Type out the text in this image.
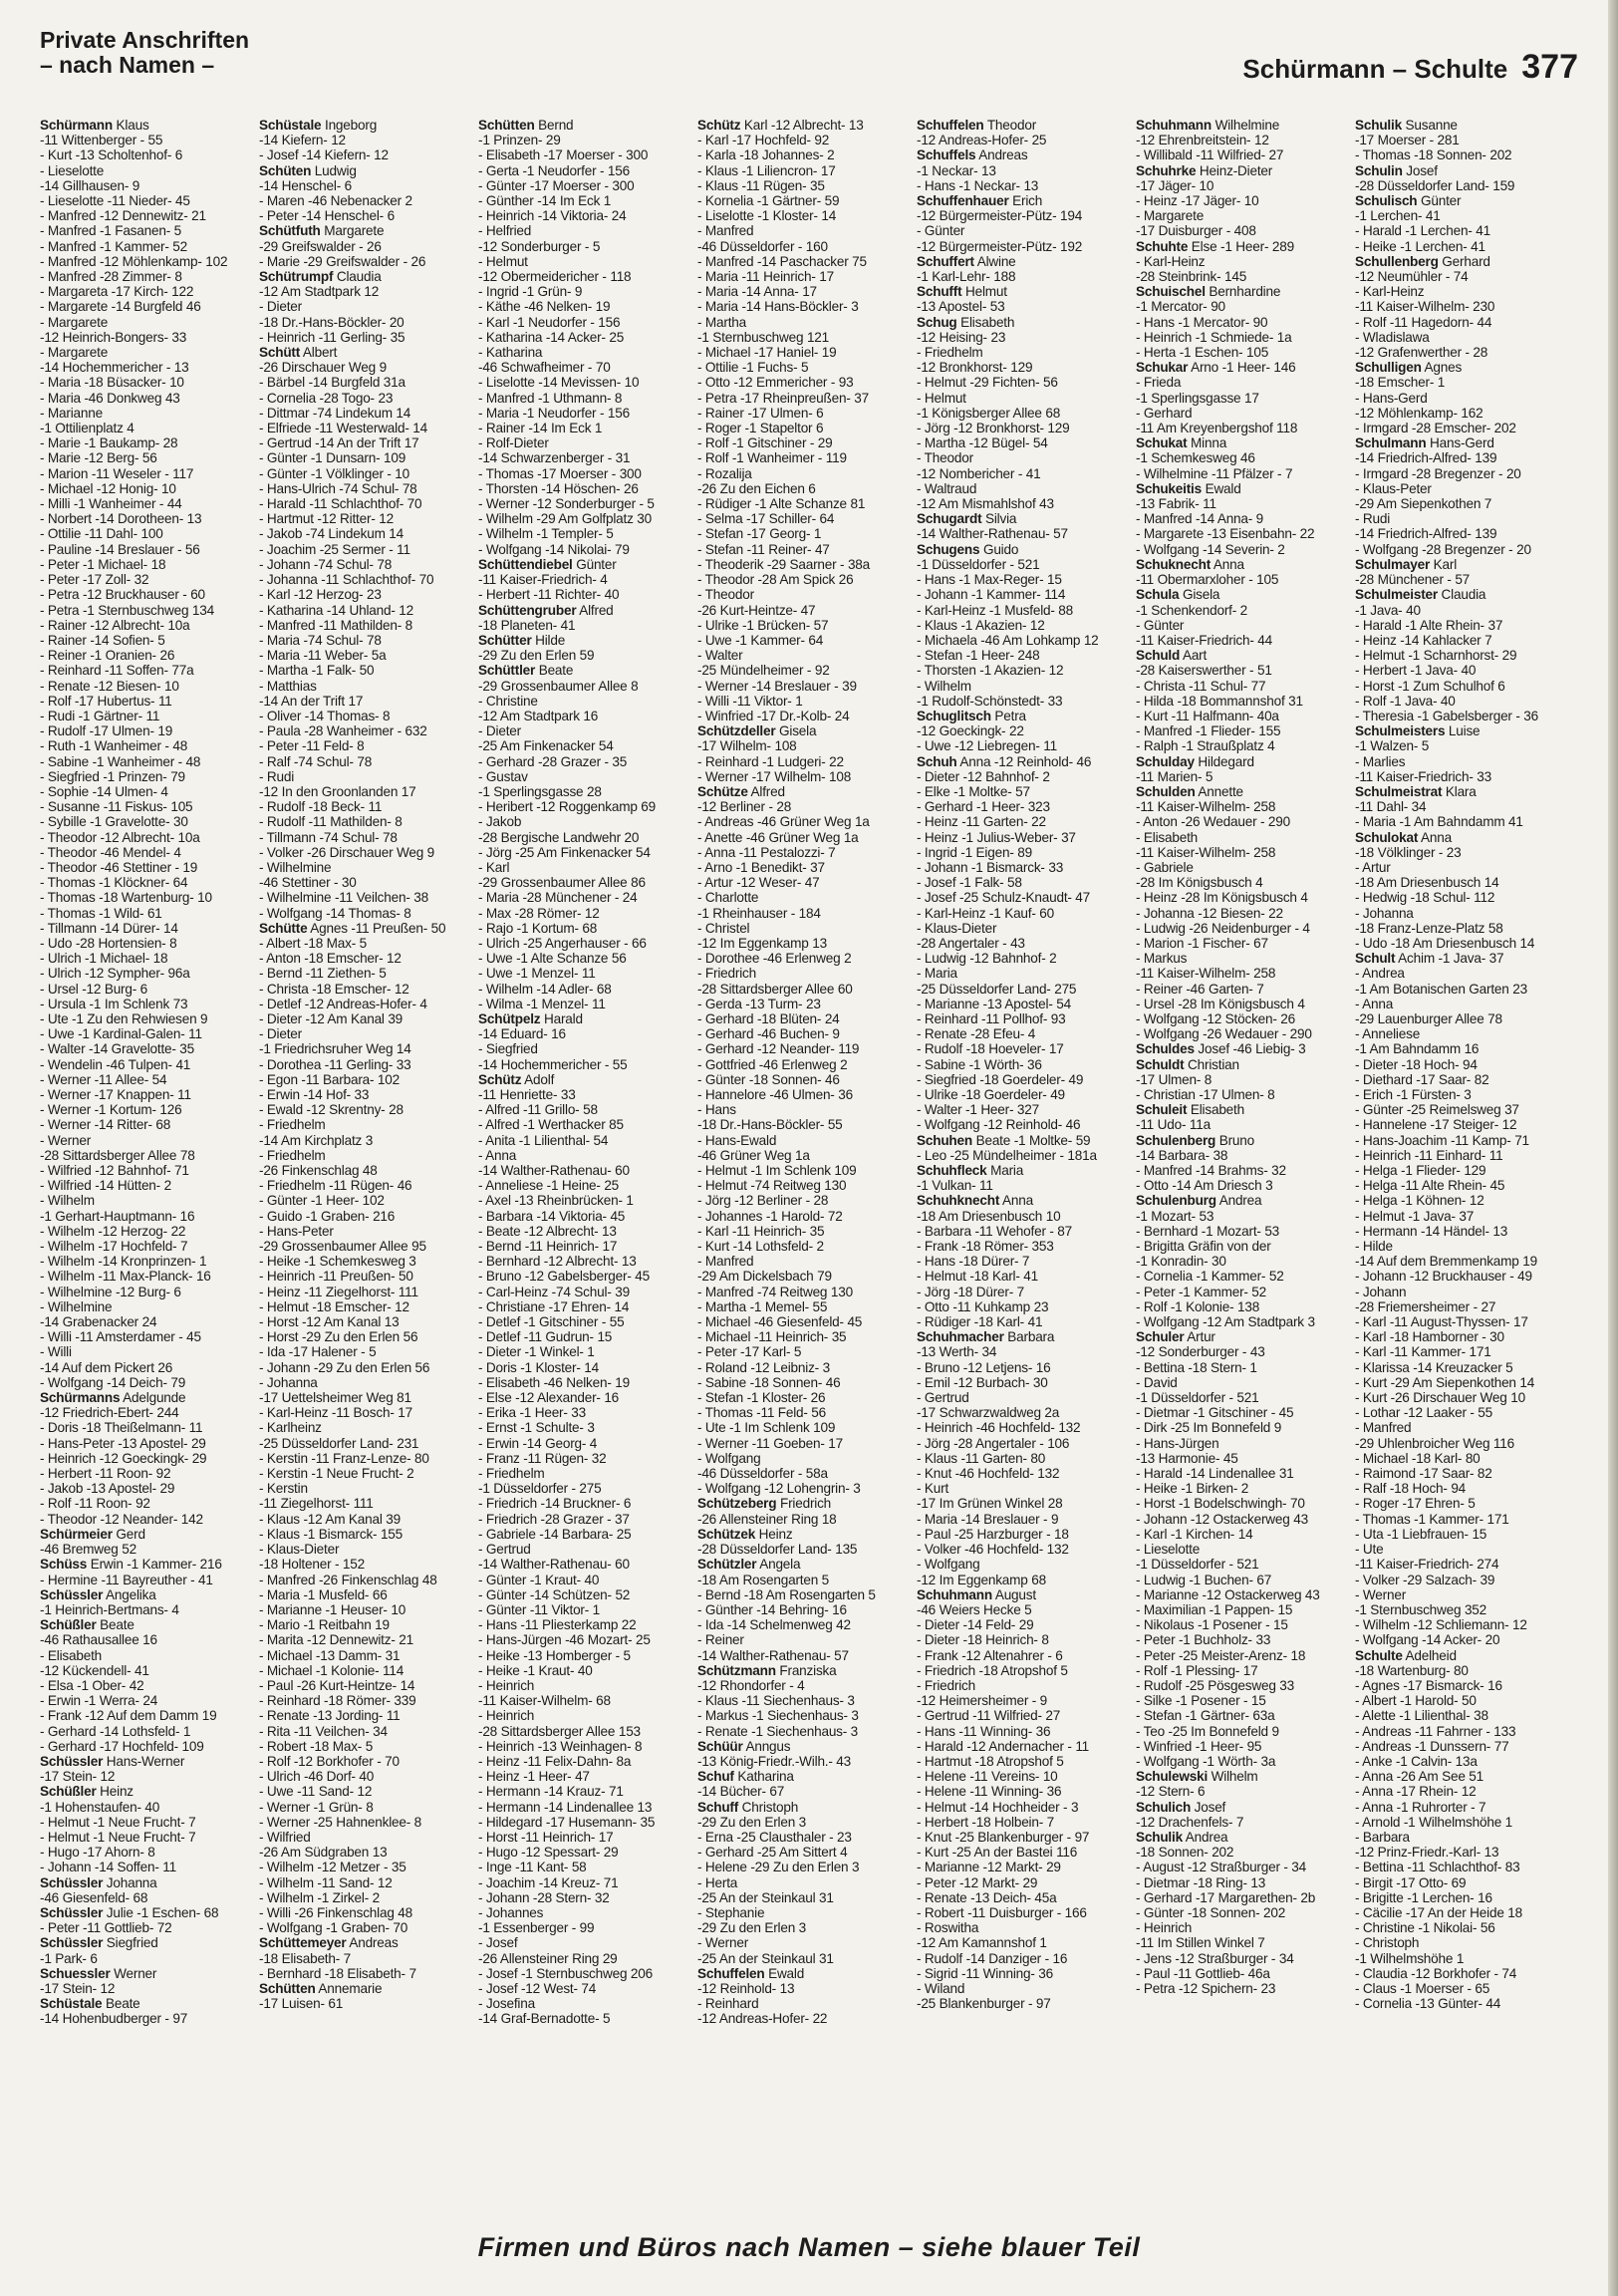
Private Anschriften
– nach Namen –	Schürmann – Schulte 377
Schürmann Klaus
-11 Wittenberger - 55
- Kurt -13 Scholtenhof- 6
- Lieselotte
-14 Gillhausen- 9
- Lieselotte -11 Nieder- 45
- Manfred -12 Dennewitz- 21
- Manfred -1 Fasanen- 5
- Manfred -1 Kammer- 52
- Manfred -12 Möhlenkamp- 102
- Manfred -28 Zimmer- 8
- Margareta -17 Kirch- 122
- Margarete -14 Burgfeld 46
- Margarete
-12 Heinrich-Bongers- 33
- Margarete
-14 Hochemmericher - 13
- Maria -18 Büsacker- 10
- Maria -46 Donkweg 43
- Marianne
-1 Ottilienplatz 4
- Marie -1 Baukamp- 28
- Marie -12 Berg- 56
- Marion -11 Weseler - 117
- Michael -12 Honig- 10
- Milli -1 Wanheimer - 44
- Norbert -14 Dorotheen- 13
- Ottilie -11 Dahl- 100
- Pauline -14 Breslauer - 56
- Peter -1 Michael- 18
- Peter -17 Zoll- 32
- Petra -12 Bruckhauser - 60
- Petra -1 Sternbuschweg 134
- Rainer -12 Albrecht- 10a
- Rainer -14 Sofien- 5
- Reiner -1 Oranien- 26
- Reinhard -11 Soffen- 77a
- Renate -12 Biesen- 10
- Rolf -17 Hubertus- 11
- Rudi -1 Gärtner- 11
- Rudolf -17 Ulmen- 19
- Ruth -1 Wanheimer - 48
- Sabine -1 Wanheimer - 48
- Siegfried -1 Prinzen- 79
- Sophie -14 Ulmen- 4
- Susanne -11 Fiskus- 105
- Sybille -1 Gravelotte- 30
- Theodor -12 Albrecht- 10a
- Theodor -46 Mendel- 4
- Theodor -46 Stettiner - 19
- Thomas -1 Klöckner- 64
- Thomas -18 Wartenburg- 10
- Thomas -1 Wild- 61
- Tillmann -14 Dürer- 14
- Udo -28 Hortensien- 8
- Ulrich -1 Michael- 18
- Ulrich -12 Sympher- 96a
- Ursel -12 Burg- 6
- Ursula -1 Im Schlenk 73
- Ute -1 Zu den Rehwiesen 9
- Uwe -1 Kardinal-Galen- 11
- Walter -14 Gravelotte- 35
- Wendelin -46 Tulpen- 41
- Werner -11 Allee- 54
- Werner -17 Knappen- 11
- Werner -1 Kortum- 126
- Werner -14 Ritter- 68
- Werner
-28 Sittardsberger Allee 78
- Wilfried -12 Bahnhof- 71
- Wilfried -14 Hütten- 2
- Wilhelm
-1 Gerhart-Hauptmann- 16
- Wilhelm -12 Herzog- 22
- Wilhelm -17 Hochfeld- 7
- Wilhelm -14 Kronprinzen- 1
- Wilhelm -11 Max-Planck- 16
- Wilhelmine -12 Burg- 6
- Wilhelmine
-14 Grabenacker 24
- Willi -11 Amsterdamer - 45
- Willi
-14 Auf dem Pickert 26
- Wolfgang -14 Deich- 79
Schürmanns Adelgunde
-12 Friedrich-Ebert- 244
- Doris -18 Theißelmann- 11
- Hans-Peter -13 Apostel- 29
- Heinrich -12 Goeckingk- 29
- Herbert -11 Roon- 92
- Jakob -13 Apostel- 29
- Rolf -11 Roon- 92
- Theodor -12 Neander- 142
Schürmeier Gerd
-46 Bremweg 52
Schüss Erwin -1 Kammer- 216
- Hermine -11 Bayreuther - 41
Schüssler Angelika
-1 Heinrich-Bertmans- 4
Schüßler Beate
-46 Rathausallee 16
- Elisabeth
-12 Kückendell- 41
- Elsa -1 Ober- 42
- Erwin -1 Werra- 24
- Frank -12 Auf dem Damm 19
- Gerhard -14 Lothsfeld- 1
- Gerhard -17 Hochfeld- 109
Schüssler Hans-Werner
-17 Stein- 12
Schüßler Heinz
-1 Hohenstaufen- 40
- Helmut -1 Neue Frucht- 7
- Helmut -1 Neue Frucht- 7
- Hugo -17 Ahorn- 8
- Johann -14 Soffen- 11
Schüssler Johanna
-46 Giesenfeld- 68
Schüssler Julie -1 Eschen- 68
- Peter -11 Gottlieb- 72
Schüssler Siegfried
-1 Park- 6
Schuessler Werner
-17 Stein- 12
Schüstale Beate
-14 Hohenbudberger - 97
Schüstale Ingeborg
-14 Kiefern- 12
- Josef -14 Kiefern- 12
Schüten Ludwig
-14 Henschel- 6
- Maren -46 Nebenacker 2
- Peter -14 Henschel- 6
Schütfuth Margarete
-29 Greifswalder - 26
- Marie -29 Greifswalder - 26
Schütrumpf Claudia
-12 Am Stadtpark 12
- Dieter
-18 Dr.-Hans-Böckler- 20
- Heinrich -11 Gerling- 35
Schütt Albert
-26 Dirschauer Weg 9
- Bärbel -14 Burgfeld 31a
- Cornelia -28 Togo- 23
- Dittmar -74 Lindekum 14
- Elfriede -11 Westerwald- 14
- Gertrud -14 An der Trift 17
- Günter -1 Dunsarn- 109
- Günter -1 Völklinger - 10
- Hans-Ulrich -74 Schul- 78
- Harald -11 Schlachthof- 70
- Hartmut -12 Ritter- 12
- Jakob -74 Lindekum 14
- Joachim -25 Sermer - 11
- Johann -74 Schul- 78
- Johanna -11 Schlachthof- 70
- Karl -12 Herzog- 23
- Katharina -14 Uhland- 12
- Manfred -11 Mathilden- 8
- Maria -74 Schul- 78
- Maria -11 Weber- 5a
- Martha -1 Falk- 50
- Matthias
-14 An der Trift 17
- Oliver -14 Thomas- 8
- Paula -28 Wanheimer - 632
- Peter -11 Feld- 8
- Ralf -74 Schul- 78
- Rudi
-12 In den Groonlanden 17
- Rudolf -18 Beck- 11
- Rudolf -11 Mathilden- 8
- Tillmann -74 Schul- 78
- Volker -26 Dirschauer Weg 9
- Wilhelmine
-46 Stettiner - 30
- Wilhelmine -11 Veilchen- 38
- Wolfgang -14 Thomas- 8
Schütte Agnes -11 Preußen- 50
- Albert -18 Max- 5
- Anton -18 Emscher- 12
- Bernd -11 Ziethen- 5
- Christa -18 Emscher- 12
- Detlef -12 Andreas-Hofer- 4
- Dieter -12 Am Kanal 39
- Dieter
-1 Friedrichsruher Weg 14
- Dorothea -11 Gerling- 33
- Egon -11 Barbara- 102
- Erwin -14 Hof- 33
- Ewald -12 Skrentny- 28
- Friedhelm
-14 Am Kirchplatz 3
- Friedhelm
-26 Finkenschlag 48
- Friedhelm -11 Rügen- 46
- Günter -1 Heer- 102
- Guido -1 Graben- 216
- Hans-Peter
-29 Grossenbaumer Allee 95
- Heike -1 Schemkesweg 3
- Heinrich -11 Preußen- 50
- Heinz -11 Ziegelhorst- 111
- Helmut -18 Emscher- 12
- Horst -12 Am Kanal 13
- Horst -29 Zu den Erlen 56
- Ida -17 Halener - 5
- Johann -29 Zu den Erlen 56
- Johanna
-17 Uettelsheimer Weg 81
- Karl-Heinz -11 Bosch- 17
- Karlheinz
-25 Düsseldorfer Land- 231
- Kerstin -11 Franz-Lenze- 80
- Kerstin -1 Neue Frucht- 2
- Kerstin
-11 Ziegelhorst- 111
- Klaus -12 Am Kanal 39
- Klaus -1 Bismarck- 155
- Klaus-Dieter
-18 Holtener - 152
- Manfred -26 Finkenschlag 48
- Maria -1 Musfeld- 66
- Marianne -1 Heuser- 10
- Mario -1 Reitbahn 19
- Marita -12 Dennewitz- 21
- Michael -13 Damm- 31
- Michael -1 Kolonie- 114
- Paul -26 Kurt-Heintze- 14
- Reinhard -18 Römer- 339
- Renate -13 Jording- 11
- Rita -11 Veilchen- 34
- Robert -18 Max- 5
- Rolf -12 Borkhofer - 70
- Ulrich -46 Dorf- 40
- Uwe -11 Sand- 12
- Werner -1 Grün- 8
- Werner -25 Hahnenklee- 8
- Wilfried
-26 Am Südgraben 13
- Wilhelm -12 Metzer - 35
- Wilhelm -11 Sand- 12
- Wilhelm -1 Zirkel- 2
- Willi -26 Finkenschlag 48
- Wolfgang -1 Graben- 70
Schüttemeyer Andreas
-18 Elisabeth- 7
- Bernhard -18 Elisabeth- 7
Schütten Annemarie
-17 Luisen- 61
Schütten Bernd
-1 Prinzen- 29
- Elisabeth -17 Moerser - 300
- Gerta -1 Neudorfer - 156
- Günter -17 Moerser - 300
- Günther -14 Im Eck 1
- Heinrich -14 Viktoria- 24
- Helfried
-12 Sonderburger - 5
- Helmut
-12 Obermeidericher - 118
- Ingrid -1 Grün- 9
- Käthe -46 Nelken- 19
- Karl -1 Neudorfer - 156
- Katharina -14 Acker- 25
- Katharina
-46 Schwafheimer - 70
- Liselotte -14 Mevissen- 10
- Manfred -1 Uthmann- 8
- Maria -1 Neudorfer - 156
- Rainer -14 Im Eck 1
- Rolf-Dieter
-14 Schwarzenberger - 31
- Thomas -17 Moerser - 300
- Thorsten -14 Höschen- 26
- Werner -12 Sonderburger - 5
- Wilhelm -29 Am Golfplatz 30
- Wilhelm -1 Templer- 5
- Wolfgang -14 Nikolai- 79
Schüttendiebel Günter
-11 Kaiser-Friedrich- 4
- Herbert -11 Richter- 40
Schüttengruber Alfred
-18 Planeten- 41
Schütter Hilde
-29 Zu den Erlen 59
Schüttler Beate
-29 Grossenbaumer Allee 8
- Christine
-12 Am Stadtpark 16
- Dieter
-25 Am Finkenacker 54
- Gerhard -28 Grazer - 35
- Gustav
-1 Sperlingsgasse 28
- Heribert -12 Roggenkamp 69
- Jakob
-28 Bergische Landwehr 20
- Jörg -25 Am Finkenacker 54
- Karl
-29 Grossenbaumer Allee 86
- Maria -28 Münchener - 24
- Max -28 Römer- 12
- Rajo -1 Kortum- 68
- Ulrich -25 Angerhauser - 66
- Uwe -1 Alte Schanze 56
- Uwe -1 Menzel- 11
- Wilhelm -14 Adler- 68
- Wilma -1 Menzel- 11
Schütpelz Harald
-14 Eduard- 16
- Siegfried
-14 Hochemmericher - 55
Schütz Adolf
-11 Henriette- 33
- Alfred -11 Grillo- 58
- Alfred -1 Werthacker 85
- Anita -1 Lilienthal- 54
- Anna
-14 Walther-Rathenau- 60
- Anneliese -1 Heine- 25
- Axel -13 Rheinbrücken- 1
- Barbara -14 Viktoria- 45
- Beate -12 Albrecht- 13
- Bernd -11 Heinrich- 17
- Bernhard -12 Albrecht- 13
- Bruno -12 Gabelsberger- 45
- Carl-Heinz -74 Schul- 39
- Christiane -17 Ehren- 14
- Detlef -1 Gitschiner - 55
- Detlef -11 Gudrun- 15
- Dieter -1 Winkel- 1
- Doris -1 Kloster- 14
- Elisabeth -46 Nelken- 19
- Else -12 Alexander- 16
- Erika -1 Heer- 33
- Ernst -1 Schulte- 3
- Erwin -14 Georg- 4
- Franz -11 Rügen- 32
- Friedhelm
-1 Düsseldorfer - 275
- Friedrich -14 Bruckner- 6
- Friedrich -28 Grazer - 37
- Gabriele -14 Barbara- 25
- Gertrud
-14 Walther-Rathenau- 60
- Günter -1 Kraut- 40
- Günter -14 Schützen- 52
- Günter -11 Viktor- 1
- Hans -11 Pliesterkamp 22
- Hans-Jürgen -46 Mozart- 25
- Heike -13 Homberger - 5
- Heike -1 Kraut- 40
- Heinrich
-11 Kaiser-Wilhelm- 68
- Heinrich
-28 Sittardsberger Allee 153
- Heinrich -13 Weinhagen- 8
- Heinz -11 Felix-Dahn- 8a
- Heinz -1 Heer- 47
- Hermann -14 Krauz- 71
- Hermann -14 Lindenallee 13
- Hildegard -17 Husemann- 35
- Horst -11 Heinrich- 17
- Hugo -12 Spessart- 29
- Inge -11 Kant- 58
- Joachim -14 Kreuz- 71
- Johann -28 Stern- 32
- Johannes
-1 Essenberger - 99
- Josef
-26 Allensteiner Ring 29
- Josef -1 Sternbuschweg 206
- Josef -12 West- 74
- Josefina
-14 Graf-Bernadotte- 5
Schütz Karl -12 Albrecht- 13
- Karl -17 Hochfeld- 92
- Karla -18 Johannes- 2
- Klaus -1 Liliencron- 17
- Klaus -11 Rügen- 35
- Kornelia -1 Gärtner- 59
- Liselotte -1 Kloster- 14
- Manfred
-46 Düsseldorfer - 160
- Manfred -14 Paschacker 75
- Maria -11 Heinrich- 17
- Maria -14 Anna- 17
- Maria -14 Hans-Böckler- 3
- Martha
-1 Sternbuschweg 121
- Michael -17 Haniel- 19
- Ottilie -1 Fuchs- 5
- Otto -12 Emmericher - 93
- Petra -17 Rheinpreußen- 37
- Rainer -17 Ulmen- 6
- Roger -1 Stapeltor 6
- Rolf -1 Gitschiner - 29
- Rolf -1 Wanheimer - 119
- Rozalija
-26 Zu den Eichen 6
- Rüdiger -1 Alte Schanze 81
- Selma -17 Schiller- 64
- Stefan -17 Georg- 1
- Stefan -11 Reiner- 47
- Theoderik -29 Saarner - 38a
- Theodor -28 Am Spick 26
- Theodor
-26 Kurt-Heintze- 47
- Ulrike -1 Brücken- 57
- Uwe -1 Kammer- 64
- Walter
-25 Mündelheimer - 92
- Werner -14 Breslauer - 39
- Willi -11 Viktor- 1
- Winfried -17 Dr.-Kolb- 24
Schützdeller Gisela
-17 Wilhelm- 108
- Reinhard -1 Ludgeri- 22
- Werner -17 Wilhelm- 108
Schütze Alfred
-12 Berliner - 28
- Andreas -46 Grüner Weg 1a
- Anette -46 Grüner Weg 1a
- Anna -11 Pestalozzi- 7
- Arno -1 Benedikt- 37
- Artur -12 Weser- 47
- Charlotte
-1 Rheinhauser - 184
- Christel
-12 Im Eggenkamp 13
- Dorothee -46 Erlenweg 2
- Friedrich
-28 Sittardsberger Allee 60
- Gerda -13 Turm- 23
- Gerhard -18 Blüten- 24
- Gerhard -46 Buchen- 9
- Gerhard -12 Neander- 119
- Gottfried -46 Erlenweg 2
- Günter -18 Sonnen- 46
- Hannelore -46 Ulmen- 36
- Hans
-18 Dr.-Hans-Böckler- 55
- Hans-Ewald
-46 Grüner Weg 1a
- Helmut -1 Im Schlenk 109
- Helmut -74 Reitweg 130
- Jörg -12 Berliner - 28
- Johannes -1 Harold- 72
- Karl -11 Heinrich- 35
- Kurt -14 Lothsfeld- 2
- Manfred
-29 Am Dickelsbach 79
- Manfred -74 Reitweg 130
- Martha -1 Memel- 55
- Michael -46 Giesenfeld- 45
- Michael -11 Heinrich- 35
- Peter -17 Karl- 5
- Roland -12 Leibniz- 3
- Sabine -18 Sonnen- 46
- Stefan -1 Kloster- 26
- Thomas -11 Feld- 56
- Ute -1 Im Schlenk 109
- Werner -11 Goeben- 17
- Wolfgang
-46 Düsseldorfer - 58a
- Wolfgang -12 Lohengrin- 3
Schützeberg Friedrich
-26 Allensteiner Ring 18
Schützek Heinz
-28 Düsseldorfer Land- 135
Schützler Angela
-18 Am Rosengarten 5
- Bernd -18 Am Rosengarten 5
- Günther -14 Behring- 16
- Ida -14 Schelmenweg 42
- Reiner
-14 Walther-Rathenau- 57
Schützmann Franziska
-12 Rhondorfer - 4
- Klaus -11 Siechenhaus- 3
- Markus -1 Siechenhaus- 3
- Renate -1 Siechenhaus- 3
Schüür Anngus
-13 König-Friedr.-Wilh.- 43
Schuf Katharina
-14 Bücher- 67
Schuff Christoph
-29 Zu den Erlen 3
- Erna -25 Clausthaler - 23
- Gerhard -25 Am Sittert 4
- Helene -29 Zu den Erlen 3
- Herta
-25 An der Steinkaul 31
- Stephanie
-29 Zu den Erlen 3
- Werner
-25 An der Steinkaul 31
Schuffelen Ewald
-12 Reinhold- 13
- Reinhard
-12 Andreas-Hofer- 22
Schuffelen Theodor
-12 Andreas-Hofer- 25
Schuffels Andreas
-1 Neckar- 13
- Hans -1 Neckar- 13
Schuffenhauer Erich
-12 Bürgermeister-Pütz- 194
- Günter
-12 Bürgermeister-Pütz- 192
Schuffert Alwine
-1 Karl-Lehr- 188
Schufft Helmut
-13 Apostel- 53
Schug Elisabeth
-12 Heising- 23
- Friedhelm
-12 Bronkhorst- 129
- Helmut -29 Fichten- 56
- Helmut
-1 Königsberger Allee 68
- Jörg -12 Bronkhorst- 129
- Martha -12 Bügel- 54
- Theodor
-12 Nombericher - 41
- Waltraud
-12 Am Mismahlshof 43
Schugardt Silvia
-14 Walther-Rathenau- 57
Schugens Guido
-1 Düsseldorfer - 521
- Hans -1 Max-Reger- 15
- Johann -1 Kammer- 114
- Karl-Heinz -1 Musfeld- 88
- Klaus -1 Akazien- 12
- Michaela -46 Am Lohkamp 12
- Stefan -1 Heer- 248
- Thorsten -1 Akazien- 12
- Wilhelm
-1 Rudolf-Schönstedt- 33
Schuglitsch Petra
-12 Goeckingk- 22
- Uwe -12 Liebregen- 11
Schuh Anna -12 Reinhold- 46
- Dieter -12 Bahnhof- 2
- Elke -1 Moltke- 57
- Gerhard -1 Heer- 323
- Heinz -11 Garten- 22
- Heinz -1 Julius-Weber- 37
- Ingrid -1 Eigen- 89
- Johann -1 Bismarck- 33
- Josef -1 Falk- 58
- Josef -25 Schulz-Knaudt- 47
- Karl-Heinz -1 Kauf- 60
- Klaus-Dieter
-28 Angertaler - 43
- Ludwig -12 Bahnhof- 2
- Maria
-25 Düsseldorfer Land- 275
- Marianne -13 Apostel- 54
- Reinhard -11 Pollhof- 93
- Renate -28 Efeu- 4
- Rudolf -18 Hoeveler- 17
- Sabine -1 Wörth- 36
- Siegfried -18 Goerdeler- 49
- Ulrike -18 Goerdeler- 49
- Walter -1 Heer- 327
- Wolfgang -12 Reinhold- 46
Schuhen Beate -1 Moltke- 59
- Leo -25 Mündelheimer - 181a
Schuhfleck Maria
-1 Vulkan- 11
Schuhknecht Anna
-18 Am Driesenbusch 10
- Barbara -11 Wehofer - 87
- Frank -18 Römer- 353
- Hans -18 Dürer- 7
- Helmut -18 Karl- 41
- Jörg -18 Dürer- 7
- Otto -11 Kuhkamp 23
- Rüdiger -18 Karl- 41
Schuhmacher Barbara
-13 Werth- 34
- Bruno -12 Letjens- 16
- Emil -12 Burbach- 30
- Gertrud
-17 Schwarzwaldweg 2a
- Heinrich -46 Hochfeld- 132
- Jörg -28 Angertaler - 106
- Klaus -11 Garten- 80
- Knut -46 Hochfeld- 132
- Kurt
-17 Im Grünen Winkel 28
- Maria -14 Breslauer - 9
- Paul -25 Harzburger - 18
- Volker -46 Hochfeld- 132
- Wolfgang
-12 Im Eggenkamp 68
Schuhmann August
-46 Weiers Hecke 5
- Dieter -14 Feld- 29
- Dieter -18 Heinrich- 8
- Frank -12 Altenahrer - 6
- Friedrich -18 Atropshof 5
- Friedrich
-12 Heimersheimer - 9
- Gertrud -11 Wilfried- 27
- Hans -11 Winning- 36
- Harald -12 Andernacher - 11
- Hartmut -18 Atropshof 5
- Helene -11 Vereins- 10
- Helene -11 Winning- 36
- Helmut -14 Hochheider - 3
- Herbert -18 Holbein- 7
- Knut -25 Blankenburger - 97
- Kurt -25 An der Bastei 116
- Marianne -12 Markt- 29
- Peter -12 Markt- 29
- Renate -13 Deich- 45a
- Robert -11 Duisburger - 166
- Roswitha
-12 Am Kamannshof 1
- Rudolf -14 Danziger - 16
- Sigrid -11 Winning- 36
- Wiland
-25 Blankenburger - 97
Schuhmann Wilhelmine
-12 Ehrenbreitstein- 12
- Willibald -11 Wilfried- 27
Schuhrke Heinz-Dieter
-17 Jäger- 10
- Heinz -17 Jäger- 10
- Margarete
-17 Duisburger - 408
Schuhte Else -1 Heer- 289
- Karl-Heinz
-28 Steinbrink- 145
Schuischel Bernhardine
-1 Mercator- 90
- Hans -1 Mercator- 90
- Heinrich -1 Schmiede- 1a
- Herta -1 Eschen- 105
Schukar Arno -1 Heer- 146
- Frieda
-1 Sperlingsgasse 17
- Gerhard
-11 Am Kreyenbergshof 118
Schukat Minna
-1 Schemkesweg 46
- Wilhelmine -11 Pfälzer - 7
Schukeitis Ewald
-13 Fabrik- 11
- Manfred -14 Anna- 9
- Margarete -13 Eisenbahn- 22
- Wolfgang -14 Severin- 2
Schuknecht Anna
-11 Obermarxloher - 105
Schula Gisela
-1 Schenkendorf- 2
- Günter
-11 Kaiser-Friedrich- 44
Schuld Aart
-28 Kaiserswerther - 51
- Christa -11 Schul- 77
- Hilda -18 Bommannshof 31
- Kurt -11 Halfmann- 40a
- Manfred -1 Flieder- 155
- Ralph -1 Straußplatz 4
Schulday Hildegard
-11 Marien- 5
Schulden Annette
-11 Kaiser-Wilhelm- 258
- Anton -26 Wedauer - 290
- Elisabeth
-11 Kaiser-Wilhelm- 258
- Gabriele
-28 Im Königsbusch 4
- Heinz -28 Im Königsbusch 4
- Johanna -12 Biesen- 22
- Ludwig -26 Neidenburger - 4
- Marion -1 Fischer- 67
- Markus
-11 Kaiser-Wilhelm- 258
- Reiner -46 Garten- 7
- Ursel -28 Im Königsbusch 4
- Wolfgang -12 Stöcken- 26
- Wolfgang -26 Wedauer - 290
Schuldes Josef -46 Liebig- 3
Schuldt Christian
-17 Ulmen- 8
- Christian -17 Ulmen- 8
Schuleit Elisabeth
-11 Udo- 11a
Schulenberg Bruno
-14 Barbara- 38
- Manfred -14 Brahms- 32
- Otto -14 Am Driesch 3
Schulenburg Andrea
-1 Mozart- 53
- Bernhard -1 Mozart- 53
- Brigitta Gräfin von der
-1 Konradin- 30
- Cornelia -1 Kammer- 52
- Peter -1 Kammer- 52
- Rolf -1 Kolonie- 138
- Wolfgang -12 Am Stadtpark 3
Schuler Artur
-12 Sonderburger - 43
- Bettina -18 Stern- 1
- David
-1 Düsseldorfer - 521
- Dietmar -1 Gitschiner - 45
- Dirk -25 Im Bonnefeld 9
- Hans-Jürgen
-13 Harmonie- 45
- Harald -14 Lindenallee 31
- Heike -1 Birken- 2
- Horst -1 Bodelschwingh- 70
- Johann -12 Ostackerweg 43
- Karl -1 Kirchen- 14
- Lieselotte
-1 Düsseldorfer - 521
- Ludwig -1 Buchen- 67
- Marianne -12 Ostackerweg 43
- Maximilian -1 Pappen- 15
- Nikolaus -1 Posener - 15
- Peter -1 Buchholz- 33
- Peter -25 Meister-Arenz- 18
- Rolf -1 Plessing- 17
- Rudolf -25 Pösgesweg 33
- Silke -1 Posener - 15
- Stefan -1 Gärtner- 63a
- Teo -25 Im Bonnefeld 9
- Winfried -1 Heer- 95
- Wolfgang -1 Wörth- 3a
Schulewski Wilhelm
-12 Stern- 6
Schulich Josef
-12 Drachenfels- 7
Schulik Andrea
-18 Sonnen- 202
- August -12 Straßburger - 34
- Dietmar -18 Ring- 13
- Gerhard -17 Margarethen- 2b
- Günter -18 Sonnen- 202
- Heinrich
-11 Im Stillen Winkel 7
- Jens -12 Straßburger - 34
- Paul -11 Gottlieb- 46a
- Petra -12 Spichern- 23
Schulik Susanne
-17 Moerser - 281
- Thomas -18 Sonnen- 202
Schulin Josef
-28 Düsseldorfer Land- 159
Schulisch Günter
-1 Lerchen- 41
- Harald -1 Lerchen- 41
- Heike -1 Lerchen- 41
Schullenberg Gerhard
-12 Neumühler - 74
- Karl-Heinz
-11 Kaiser-Wilhelm- 230
- Rolf -11 Hagedorn- 44
- Wladislawa
-12 Grafenwerther - 28
Schulligen Agnes
-18 Emscher- 1
- Hans-Gerd
-12 Möhlenkamp- 162
- Irmgard -28 Emscher- 202
Schulmann Hans-Gerd
-14 Friedrich-Alfred- 139
- Irmgard -28 Bregenzer - 20
- Klaus-Peter
-29 Am Siepenkothen 7
- Rudi
-14 Friedrich-Alfred- 139
- Wolfgang -28 Bregenzer - 20
Schulmayer Karl
-28 Münchener - 57
Schulmeister Claudia
-1 Java- 40
- Harald -1 Alte Rhein- 37
- Heinz -14 Kahlacker 7
- Helmut -1 Scharnhorst- 29
- Herbert -1 Java- 40
- Horst -1 Zum Schulhof 6
- Rolf -1 Java- 40
- Theresia -1 Gabelsberger - 36
Schulmeisters Luise
-1 Walzen- 5
- Marlies
-11 Kaiser-Friedrich- 33
Schulmeistrat Klara
-11 Dahl- 34
- Maria -1 Am Bahndamm 41
Schulokat Anna
-18 Völklinger - 23
- Artur
-18 Am Driesenbusch 14
- Hedwig -18 Schul- 112
- Johanna
-18 Franz-Lenze-Platz 58
- Udo -18 Am Driesenbusch 14
Schult Achim -1 Java- 37
- Andrea
-1 Am Botanischen Garten 23
- Anna
-29 Lauenburger Allee 78
- Anneliese
-1 Am Bahndamm 16
- Dieter -18 Hoch- 94
- Diethard -17 Saar- 82
- Erich -1 Fürsten- 3
- Günter -25 Reimelsweg 37
- Hannelene -17 Steiger- 12
- Hans-Joachim -11 Kamp- 71
- Heinrich -11 Einhard- 11
- Helga -1 Flieder- 129
- Helga -11 Alte Rhein- 45
- Helga -1 Köhnen- 12
- Helmut -1 Java- 37
- Hermann -14 Händel- 13
- Hilde
-14 Auf dem Bremmenkamp 19
- Johann -12 Bruckhauser - 49
- Johann
-28 Friemersheimer - 27
- Karl -11 August-Thyssen- 17
- Karl -18 Hamborner - 30
- Karl -11 Kammer- 171
- Klarissa -14 Kreuzacker 5
- Kurt -29 Am Siepenkothen 14
- Kurt -26 Dirschauer Weg 10
- Lothar -12 Laaker - 55
- Manfred
-29 Uhlenbroicher Weg 116
- Michael -18 Karl- 80
- Raimond -17 Saar- 82
- Ralf -18 Hoch- 94
- Roger -17 Ehren- 5
- Thomas -1 Kammer- 171
- Uta -1 Liebfrauen- 15
- Ute
-11 Kaiser-Friedrich- 274
- Volker -29 Salzach- 39
- Werner
-1 Sternbuschweg 352
- Wilhelm -12 Schliemann- 12
- Wolfgang -14 Acker- 20
Schulte Adelheid
-18 Wartenburg- 80
- Agnes -17 Bismarck- 16
- Albert -1 Harold- 50
- Alette -1 Lilienthal- 38
- Andreas -11 Fahrner - 133
- Andreas -1 Dunssern- 77
- Anke -1 Calvin- 13a
- Anna -26 Am See 51
- Anna -17 Rhein- 12
- Anna -1 Ruhrorter - 7
- Arnold -1 Wilhelmshöhe 1
- Barbara
-12 Prinz-Friedr.-Karl- 13
- Bettina -11 Schlachthof- 83
- Birgit -17 Otto- 69
- Brigitte -1 Lerchen- 16
- Cäcilie -17 An der Heide 18
- Christine -1 Nikolai- 56
- Christoph
-1 Wilhelmshöhe 1
- Claudia -12 Borkhofer - 74
- Claus -1 Moerser - 65
- Cornelia -13 Günter- 44
Firmen und Büros nach Namen – siehe blauer Teil
